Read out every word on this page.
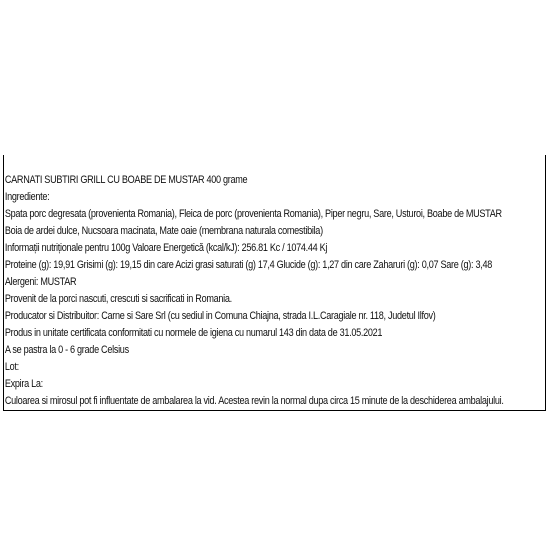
CARNATI SUBTIRI GRILL CU BOABE DE MUSTAR 400 grame
Ingrediente:
Spata porc degresata (provenienta Romania), Fleica de porc (provenienta Romania), Piper negru, Sare, Usturoi, Boabe de MUSTAR
Boia de ardei dulce, Nucsoara macinata, Mate oaie (membrana naturala comestibila)
Informații nutriționale pentru 100g Valoare Energetică (kcal/kJ): 256.81 Kc / 1074.44 Kj
Proteine (g): 19,91 Grisimi (g): 19,15 din care Acizi grasi saturati (g) 17,4 Glucide (g): 1,27 din care Zaharuri (g): 0,07 Sare (g): 3,48
Alergeni: MUSTAR
Provenit de la porci nascuti, crescuti si sacrificati in Romania.
Producator si Distribuitor: Carne si Sare Srl (cu sediul in Comuna Chiajna, strada I.L.Caragiale nr. 118, Judetul Ilfov)
Produs in unitate certificata conformitati cu normele de igiena cu numarul 143 din data de 31.05.2021
A se pastra la 0 - 6 grade Celsius
Lot:
Expira La:
Culoarea si mirosul pot fi influentate de ambalarea la vid. Acestea revin la normal dupa circa 15 minute de la deschiderea ambalajului.
